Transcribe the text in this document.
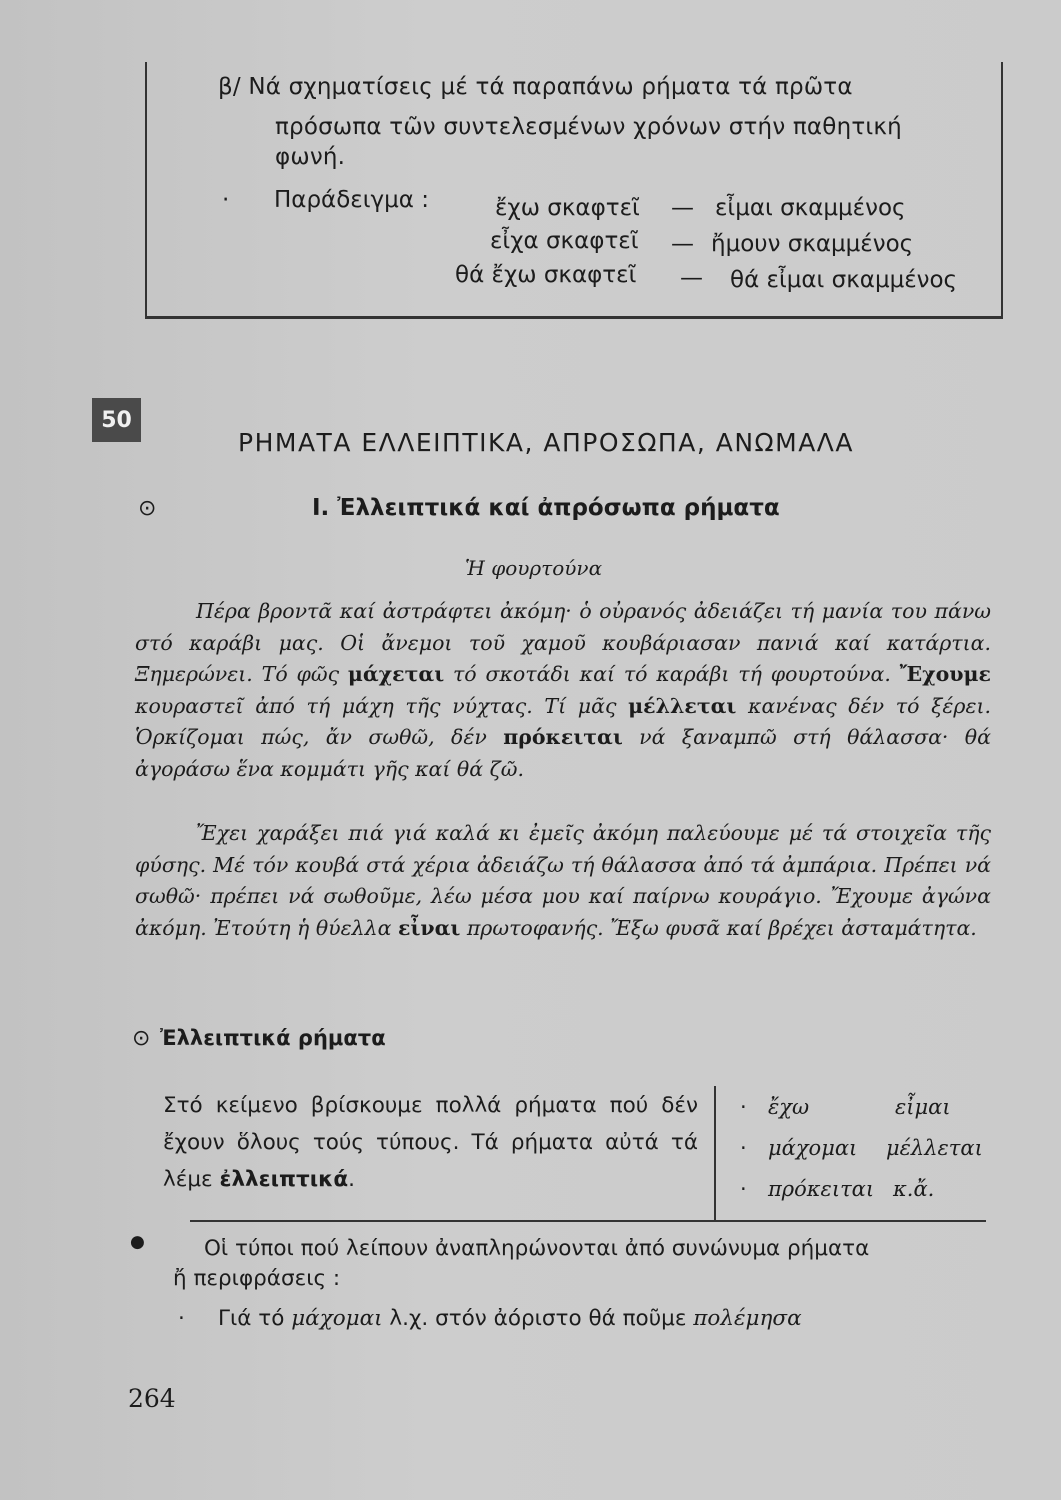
β/ Νά σχηματίσεις μέ τά παραπάνω ρήματα τά πρῶτα
πρόσωπα τῶν συντελεσμένων χρόνων στήν παθητική
φωνή.
· Παράδειγμα :	ἔχω σκαφτεῖ — εἶμαι σκαμμένος
εἶχα σκαφτεῖ — ἤμουν σκαμμένος
θά ἔχω σκαφτεῖ — θά εἶμαι σκαμμένος
50
ΡΗΜΑΤΑ ΕΛΛΕΙΠΤΙΚΑ, ΑΠΡΟΣΩΠΑ, ΑΝΩΜΑΛΑ
⊙	Ι. Ἐλλειπτικά καί ἀπρόσωπα ρήματα
Ἡ φουρτούνα

Πέρα βροντᾶ καί ἀστράφτει ἀκόμη· ὁ οὐρανός ἀδειάζει τή μανία του πάνω στό καράβι μας. Οἱ ἄνεμοι τοῦ χαμοῦ κουβάριασαν πανιά καί κατάρτια. Ξημερώνει. Τό φῶς μάχεται τό σκοτάδι καί τό καράβι τή φουρτούνα. Ἔχουμε κουραστεῖ ἀπό τή μάχη τῆς νύχτας. Τί μᾶς μέλλεται κανένας δέν τό ξέρει. Ὁρκίζομαι πώς, ἄν σωθῶ, δέν πρόκειται νά ξαναμπῶ στή θάλασσα· θά ἀγοράσω ἕνα κομμάτι γῆς καί θά ζῶ.

Ἔχει χαράξει πιά γιά καλά κι ἐμεῖς ἀκόμη παλεύουμε μέ τά στοιχεῖα τῆς φύσης. Μέ τόν κουβά στά χέρια ἀδειάζω τή θάλασσα ἀπό τά ἀμπάρια. Πρέπει νά σωθῶ· πρέπει νά σωθοῦμε, λέω μέσα μου καί παίρνω κουράγιο. Ἔχουμε ἀγώνα ἀκόμη. Ἐτούτη ἡ θύελλα εἶναι πρωτοφανής. Ἔξω φυσᾶ καί βρέχει ἀσταμάτητα.

⊙ Ἐλλειπτικά ρήματα
Στό κείμενο βρίσκουμε πολλά ρήματα πού δέν ἔχουν ὅλους τούς τύπους. Τά ρήματα αὐτά τά λέμε ἐλλειπτικά.
· ἔχω	εἶμαι
· μάχομαι μέλλεται
· πρόκειται κ.ἄ.
●	Οἱ τύποι πού λείπουν ἀναπληρώνονται ἀπό συνώνυμα ρήματα
ἤ περιφράσεις :
· Γιά τό μάχομαι λ.χ. στόν ἀόριστο θά ποῦμε πολέμησα
264
